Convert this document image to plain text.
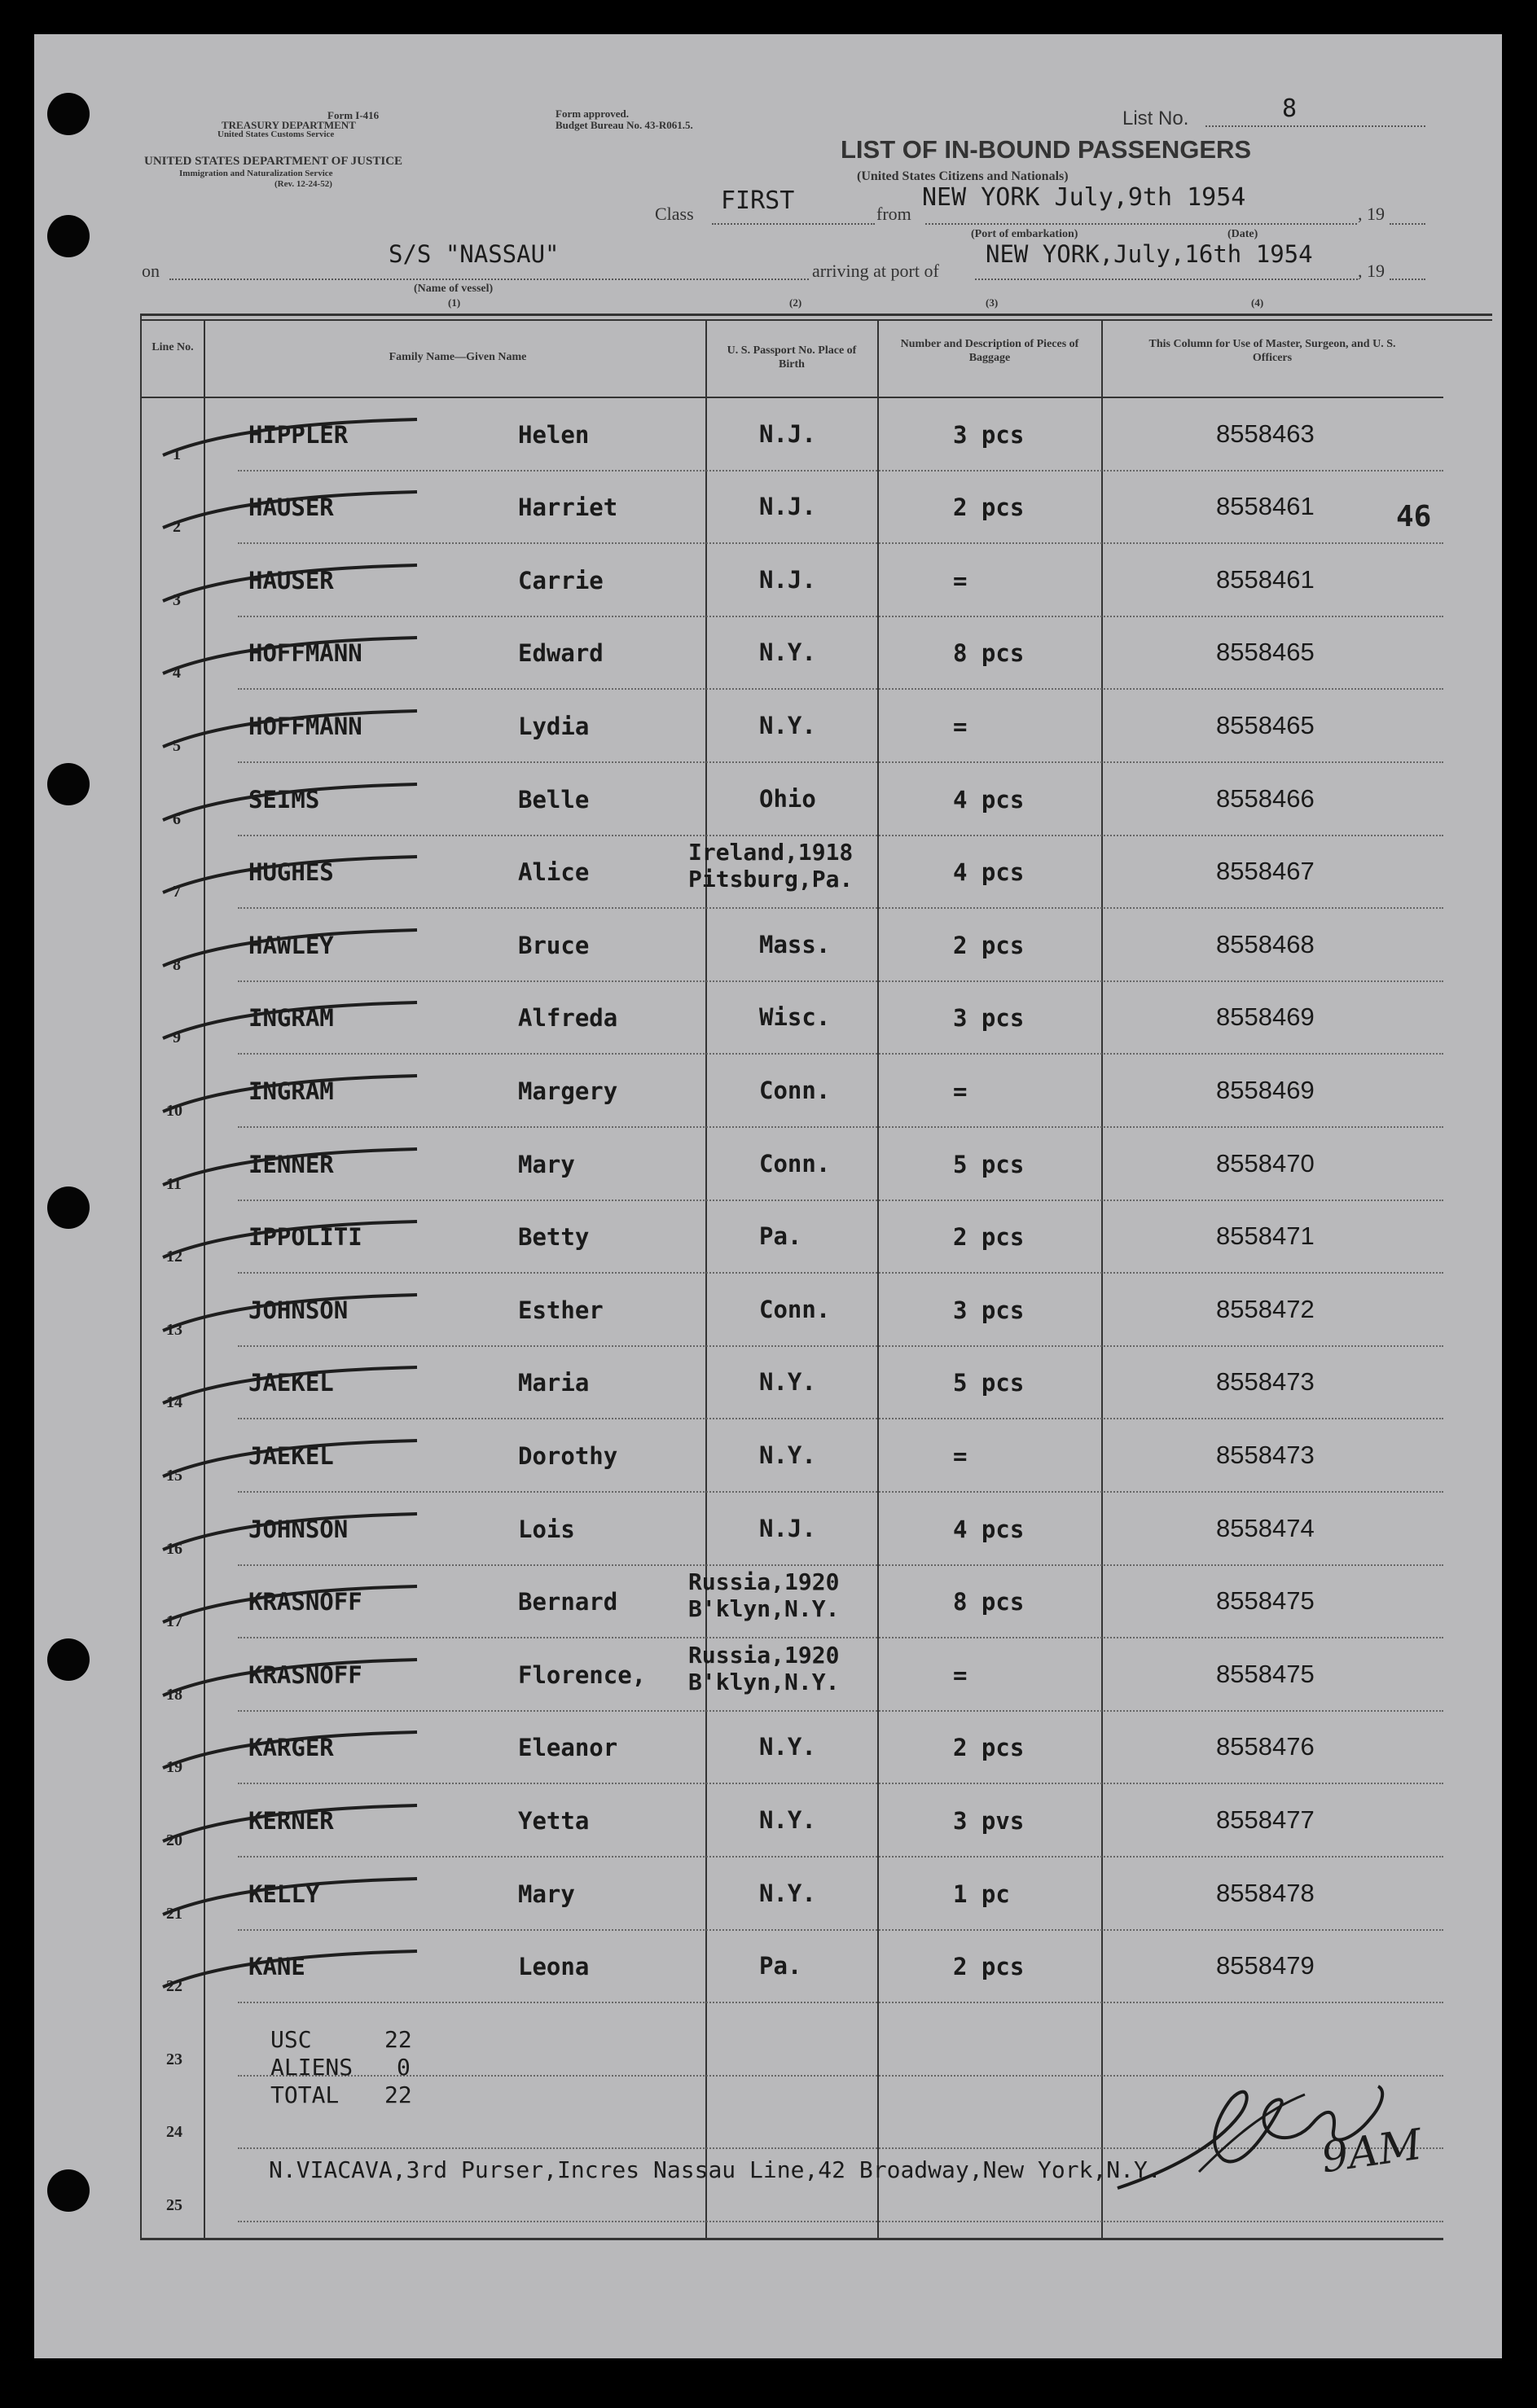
Form I-416
TREASURY DEPARTMENT
United States Customs Service
UNITED STATES DEPARTMENT OF JUSTICE
Immigration and Naturalization Service
(Rev. 12-24-52)
Form approved.
Budget Bureau No. 43-R061.5.	List No.	8
LIST OF IN-BOUND PASSENGERS
(United States Citizens and Nationals)
Class FIRST	from
NEW YORK July,9th 1954
, 19
(Port of embarkation)	(Date)
on
S/S "NASSAU"
arriving at port of
NEW YORK,July,16th 1954
, 19
(Name of vessel)
(1)	(2)	(3)	(4)
Line No.
Family Name—Given Name
U. S. Passport No. Place of Birth
Number and Description of Pieces of Baggage
This Column for Use of Master, Surgeon, and U. S. Officers
1
HIPPLER	Helen	N.J.	3 pcs	8558463
2
HAUSER	Harriet	N.J.	2 pcs	8558461
3
HAUSER	Carrie	N.J.	=	8558461
4
HOFFMANN	Edward	N.Y.	8 pcs	8558465
5
HOFFMANN	Lydia	N.Y.	=	8558465
6
SEIMS	Belle	Ohio	4 pcs	8558466
7
HUGHES	Alice
Ireland,1918
Pitsburg,Pa.	4 pcs	8558467
8
HAWLEY	Bruce	Mass.	2 pcs	8558468
9
INGRAM	Alfreda	Wisc.	3 pcs	8558469
10
INGRAM	Margery	Conn.	=	8558469
11
IENNER	Mary	Conn.	5 pcs	8558470
12
IPPOLITI	Betty	Pa.	2 pcs	8558471
13
JOHNSON	Esther	Conn.	3 pcs	8558472
14
JAEKEL	Maria	N.Y.	5 pcs	8558473
15
JAEKEL	Dorothy	N.Y.	=	8558473
16
JOHNSON	Lois	N.J.	4 pcs	8558474
17
KRASNOFF	Bernard
Russia,1920
B'klyn,N.Y.	8 pcs	8558475
18
KRASNOFF	Florence,
Russia,1920
B'klyn,N.Y.	=	8558475
19
KARGER	Eleanor	N.Y.	2 pcs	8558476
20
KERNER	Yetta	N.Y.	3 pvs	8558477
21
KELLY	Mary	N.Y.	1 pc	8558478
22
KANE	Leona	Pa.	2 pcs	8558479
23
24
25
46
USC	22
ALIENS 0
TOTAL 22
N.VIACAVA,3rd Purser,Incres Nassau Line,42 Broadway,New York,N.Y.	9AM
